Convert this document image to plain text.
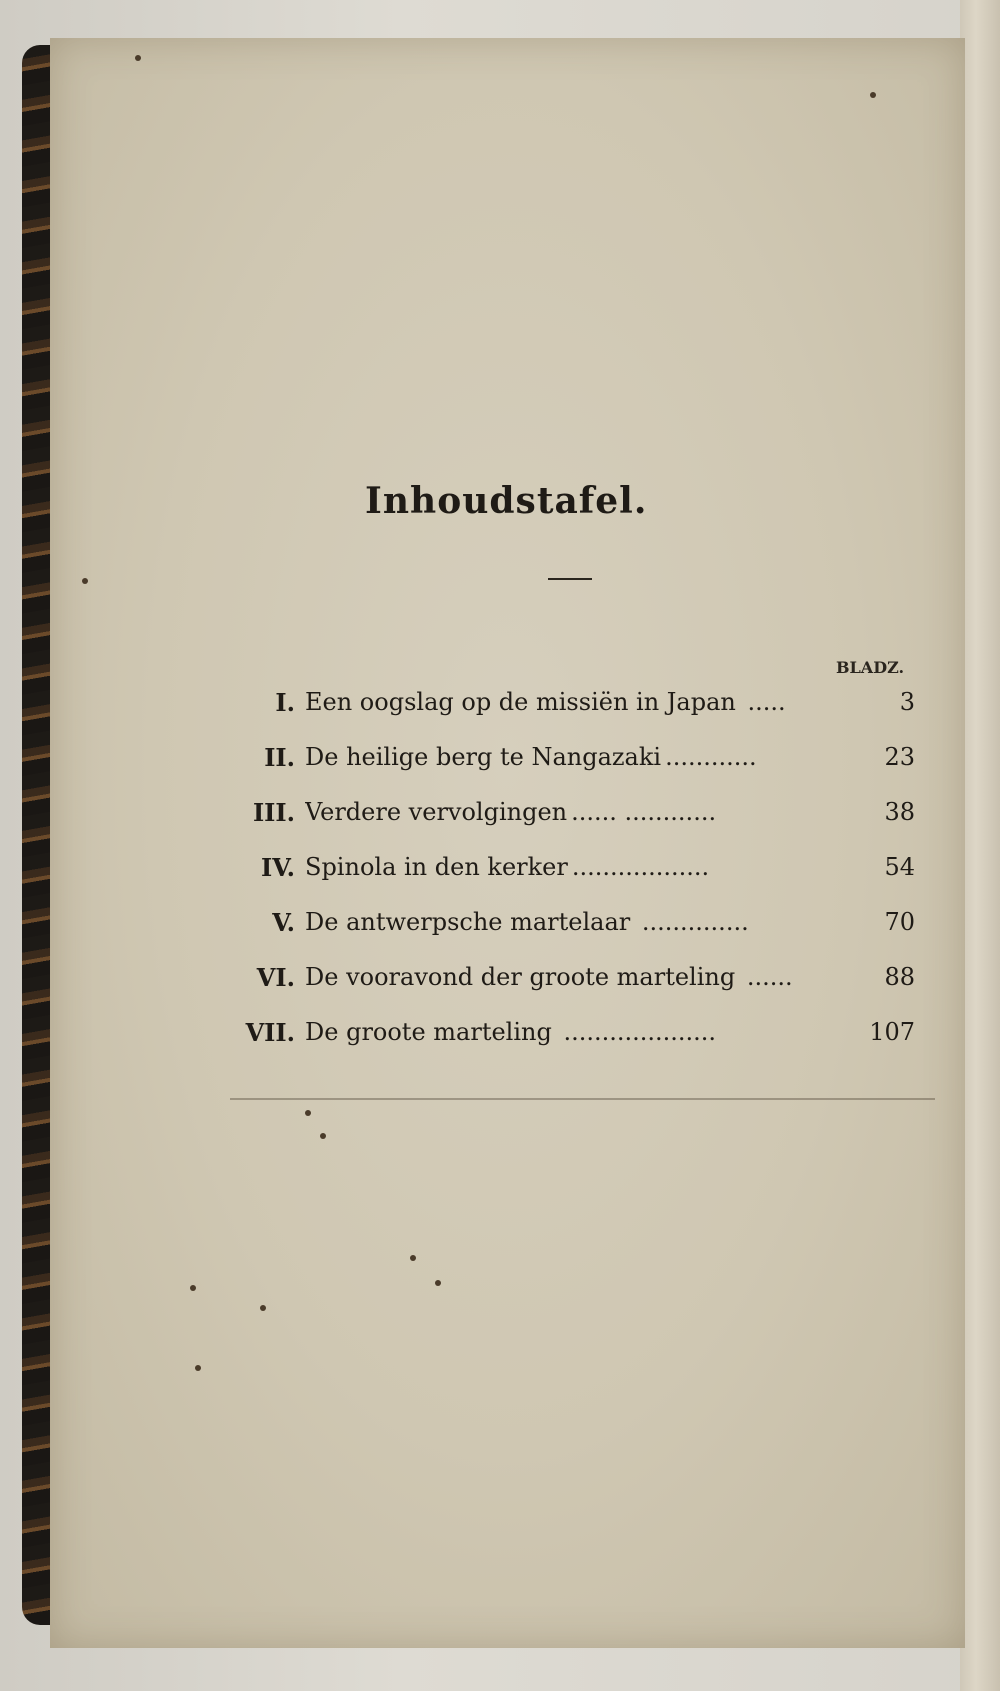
Inhoudstafel.
BLADZ.
I. Een oogslag op de missiën in Japan .....	3
II. De heilige berg te Nangazaki ............	23
III. Verdere vervolgingen ...... ............	38
IV. Spinola in den kerker ..................	54
V. De antwerpsche martelaar ..............	70
VI. De vooravond der groote marteling ......	88
VII. De groote marteling ....................	107
